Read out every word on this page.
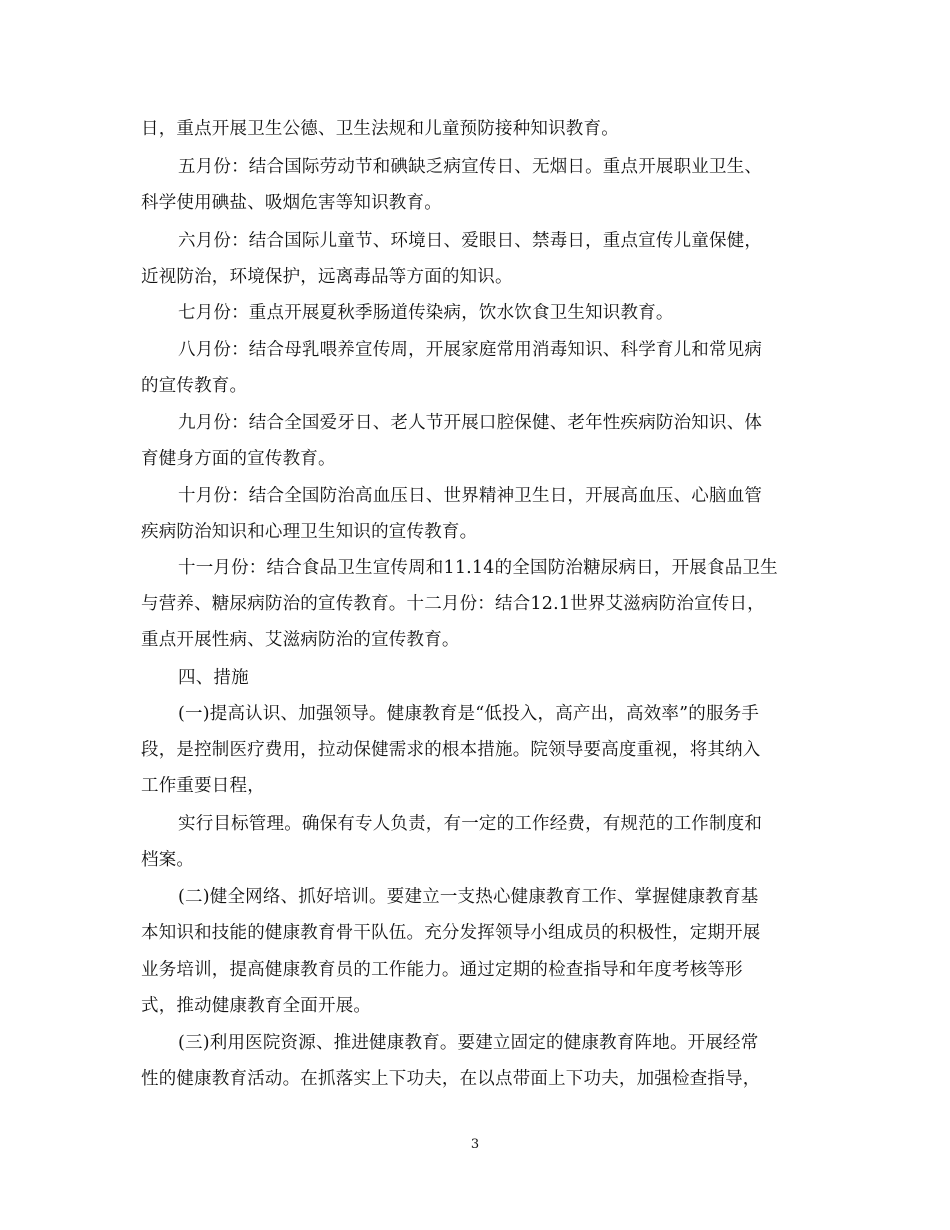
日，重点开展卫生公德、卫生法规和儿童预防接种知识教育。
五月份：结合国际劳动节和碘缺乏病宣传日、无烟日。重点开展职业卫生、
科学使用碘盐、吸烟危害等知识教育。
六月份：结合国际儿童节、环境日、爱眼日、禁毒日，重点宣传儿童保健，
近视防治，环境保护，远离毒品等方面的知识。
七月份：重点开展夏秋季肠道传染病，饮水饮食卫生知识教育。
八月份：结合母乳喂养宣传周，开展家庭常用消毒知识、科学育儿和常见病
的宣传教育。
九月份：结合全国爱牙日、老人节开展口腔保健、老年性疾病防治知识、体
育健身方面的宣传教育。
十月份：结合全国防治高血压日、世界精神卫生日，开展高血压、心脑血管
疾病防治知识和心理卫生知识的宣传教育。
十一月份：结合食品卫生宣传周和11.14的全国防治糖尿病日，开展食品卫生
与营养、糖尿病防治的宣传教育。十二月份：结合12.1世界艾滋病防治宣传日，
重点开展性病、艾滋病防治的宣传教育。
四、措施
(一)提高认识、加强领导。健康教育是“低投入，高产出，高效率”的服务手
段，是控制医疗费用，拉动保健需求的根本措施。院领导要高度重视，将其纳入
工作重要日程，
实行目标管理。确保有专人负责，有一定的工作经费，有规范的工作制度和
档案。
(二)健全网络、抓好培训。要建立一支热心健康教育工作、掌握健康教育基
本知识和技能的健康教育骨干队伍。充分发挥领导小组成员的积极性，定期开展
业务培训，提高健康教育员的工作能力。通过定期的检查指导和年度考核等形
式，推动健康教育全面开展。
(三)利用医院资源、推进健康教育。要建立固定的健康教育阵地。开展经常
性的健康教育活动。在抓落实上下功夫，在以点带面上下功夫，加强检查指导，
3
